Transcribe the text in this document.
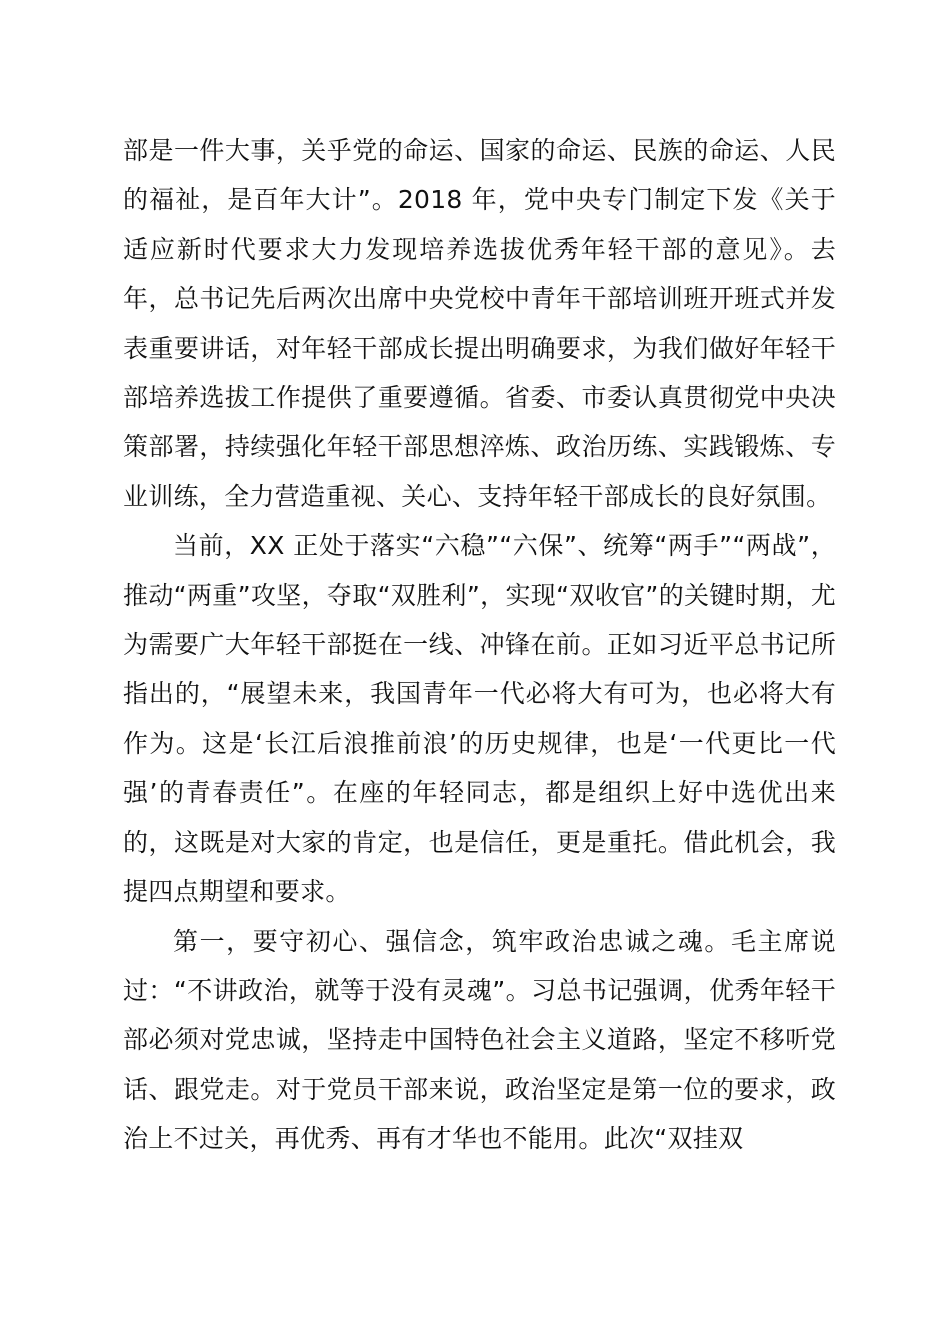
部是一件大事，关乎党的命运、国家的命运、民族的命运、人民的福祉，是百年大计”。2018 年，党中央专门制定下发《关于适应新时代要求大力发现培养选拔优秀年轻干部的意见》。去年，总书记先后两次出席中央党校中青年干部培训班开班式并发表重要讲话，对年轻干部成长提出明确要求，为我们做好年轻干部培养选拔工作提供了重要遵循。省委、市委认真贯彻党中央决策部署，持续强化年轻干部思想淬炼、政治历练、实践锻炼、专业训练，全力营造重视、关心、支持年轻干部成长的良好氛围。

当前，XX 正处于落实“六稳”“六保”、统筹“两手”“两战”，推动“两重”攻坚，夺取“双胜利”，实现“双收官”的关键时期，尤为需要广大年轻干部挺在一线、冲锋在前。正如习近平总书记所指出的，“展望未来，我国青年一代必将大有可为，也必将大有作为。这是‘长江后浪推前浪’的历史规律，也是‘一代更比一代强’的青春责任”。在座的年轻同志，都是组织上好中选优出来的，这既是对大家的肯定，也是信任，更是重托。借此机会，我提四点期望和要求。

第一，要守初心、强信念，筑牢政治忠诚之魂。毛主席说过：“不讲政治，就等于没有灵魂”。习总书记强调，优秀年轻干部必须对党忠诚，坚持走中国特色社会主义道路，坚定不移听党话、跟党走。对于党员干部来说，政治坚定是第一位的要求，政治上不过关，再优秀、再有才华也不能用。此次“双挂双
